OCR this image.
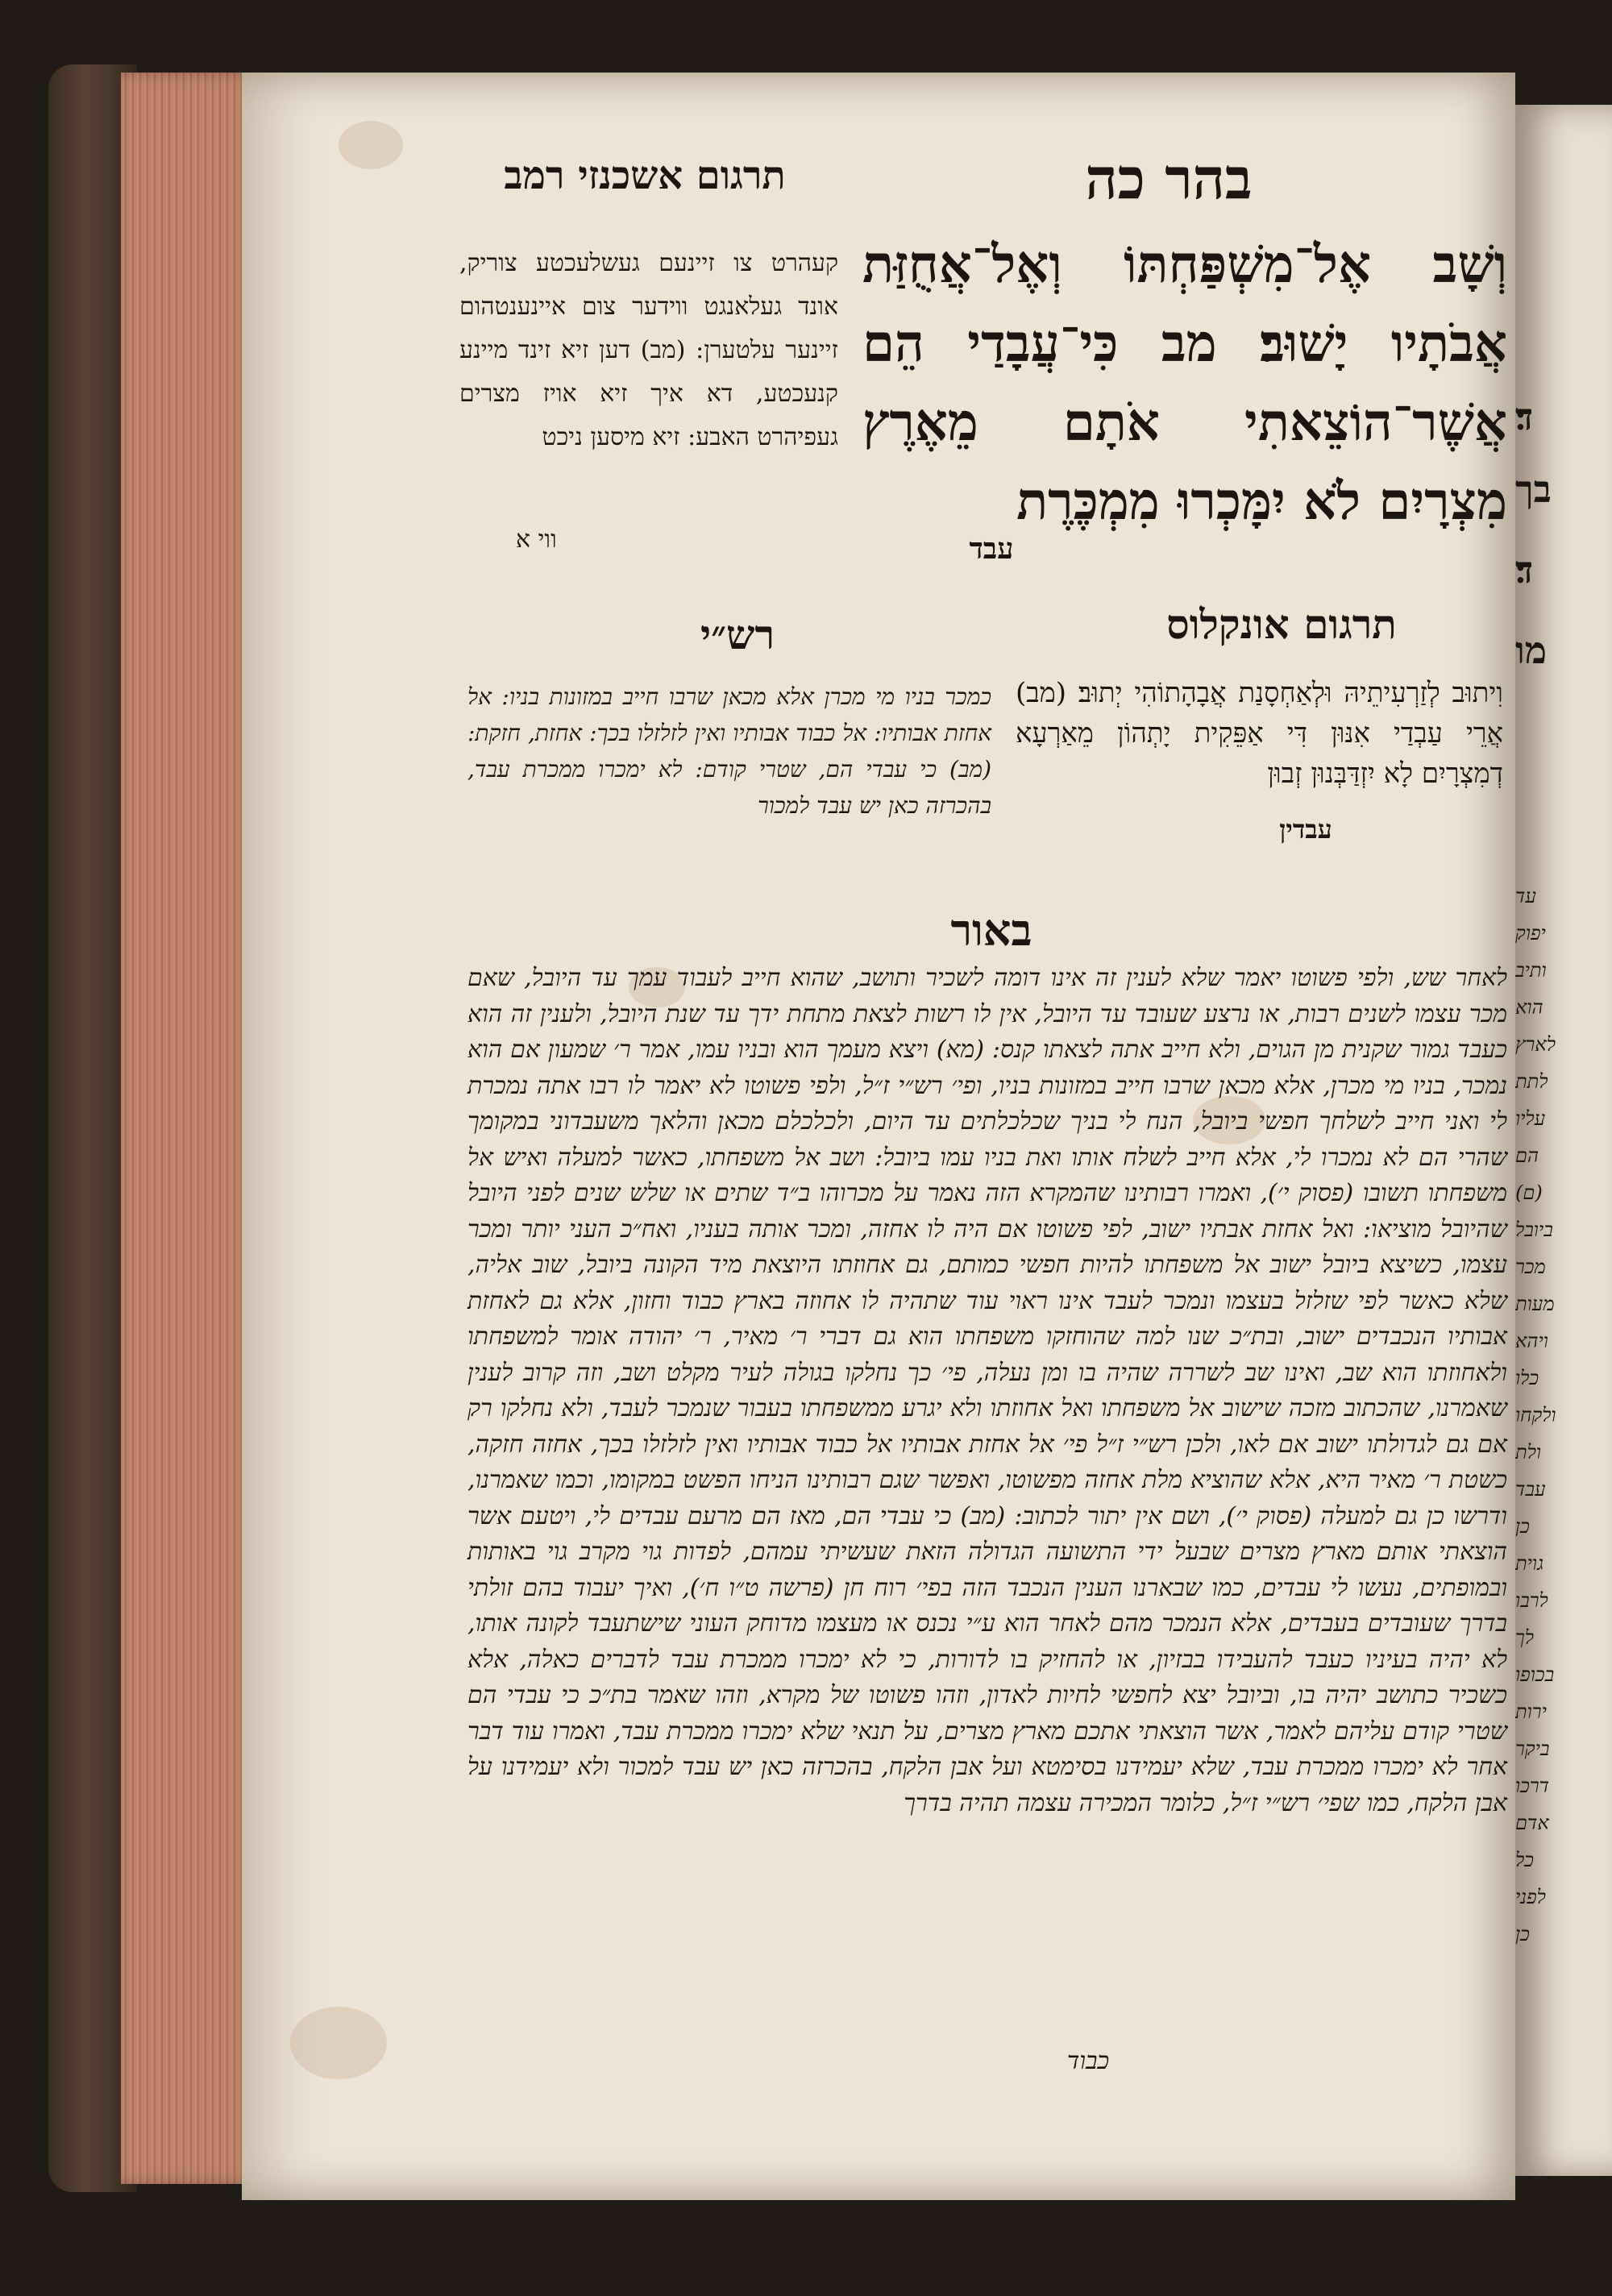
ד׃
בך
ד׃
מו
עד
יפוק
ותיב
הוא
לארץ
לתת
עליו
הם
(ם)
ביובל
מכר
מעות
ויהא
כלו
ולקחו
ולת
עבד
כן
גוית
לרבו
לך
בכופו
ירות
ביקר
דרכו
אדם
כל
לפני
כן
בהר כה
תרגום אשכנזי רמב
וְשָׁב אֶל־מִשְׁפַּחְתּוֹ וְאֶל־אֲחֻזַּת אֲבֹתָיו יָשׁוּב׃ מב כִּי־עֲבָדַי הֵם אֲשֶׁר־הוֹצֵאתִי אֹתָם מֵאֶרֶץ מִצְרָיִם לֹא יִמָּכְרוּ מִמְכֶּרֶת
עבד
קעהרט צו זיינעם געשלעכטע צוריק, אונד געלאנגט ווידער צום איינענטהום זיינער עלטערן: (מב) דען זיא זינד מיינע קנעכטע, דא איך זיא אויז מצרים געפיהרט האבע: זיא מיסען ניכט
ווי א
תרגום אונקלוס
רש״י
וִיתוּב לְזַרְעִיתֵיהּ וּלְאַחְסָנַת אֲבָהָתוֹהִי יְתוּב׃ (מב) אֲרֵי עַבְדַי אִנּוּן דִּי אַפֵּקִית יָתְהוֹן מֵאַרְעָא דְמִצְרָיִם לָא יִזְדַּבְּנוּן זְבוּן
עבדין
כמכר בניו מי מכרן אלא מכאן שרבו חייב במזונות בניו: אל אחזת אבותיו: אל כבוד אבותיו ואין לזלזלו בכך: אחזת, חזקת: (מב) כי עבדי הם, שטרי קודם: לא ימכרו ממכרת עבד, בהכרזה כאן יש עבד למכור
באור
לאחר שש, ולפי פשוטו יאמר שלא לענין זה אינו דומה לשכיר ותושב, שהוא חייב לעבוד עמך עד היובל, שאם מכר עצמו לשנים רבות, או נרצע שעובד עד היובל, אין לו רשות לצאת מתחת ידך עד שנת היובל, ולענין זה הוא כעבד גמור שקנית מן הגוים, ולא חייב אתה לצאתו קנס: (מא) ויצא מעמך הוא ובניו עמו, אמר ר׳ שמעון אם הוא נמכר, בניו מי מכרן, אלא מכאן שרבו חייב במזונות בניו, ופי׳ רש״י ז״ל, ולפי פשוטו לא יאמר לו רבו אתה נמכרת לי ואני חייב לשלחך חפשי ביובל, הנח לי בניך שכלכלתים עד היום, ולכלכלם מכאן והלאך משעבדוני במקומך שהרי הם לא נמכרו לי, אלא חייב לשלח אותו ואת בניו עמו ביובל: ושב אל משפחתו, כאשר למעלה ואיש אל משפחתו תשובו (פסוק י׳), ואמרו רבותינו שהמקרא הזה נאמר על מכרוהו ב״ד שתים או שלש שנים לפני היובל שהיובל מוציאו: ואל אחזת אבתיו ישוב, לפי פשוטו אם היה לו אחזה, ומכר אותה בעניו, ואח״כ העני יותר ומכר עצמו, כשיצא ביובל ישוב אל משפחתו להיות חפשי כמותם, גם אחוזתו היוצאת מיד הקונה ביובל, שוב אליה, שלא כאשר לפי שזלזל בעצמו ונמכר לעבד אינו ראוי עוד שתהיה לו אחוזה בארץ כבוד וחזון, אלא גם לאחזת אבותיו הנכבדים ישוב, ובת״כ שנו למה שהוחזקו משפחתו הוא גם דברי ר׳ מאיר, ר׳ יהודה אומר למשפחתו ולאחוזתו הוא שב, ואינו שב לשררה שהיה בו ומן נעלה, פי׳ כך נחלקו בגולה לעיר מקלט ושב, וזה קרוב לענין שאמרנו, שהכתוב מזכה שישוב אל משפחתו ואל אחוזתו ולא יגרע ממשפחתו בעבור שנמכר לעבד, ולא נחלקו רק אם גם לגדולתו ישוב אם לאו, ולכן רש״י ז״ל פי׳ אל אחזת אבותיו אל כבוד אבותיו ואין לזלזלו בכך, אחזה חזקה, כשטת ר׳ מאיר היא, אלא שהוציא מלת אחזה מפשוטו, ואפשר שגם רבותינו הניחו הפשט במקומו, וכמו שאמרנו, ודרשו כן גם למעלה (פסוק י׳), ושם אין יתור לכתוב: (מב) כי עבדי הם, מאז הם מרעם עבדים לי, ויטעם אשר הוצאתי אותם מארץ מצרים שבעל ידי התשועה הגדולה הזאת שעשיתי עמהם, לפדות גוי מקרב גוי באותות ובמופתים, נעשו לי עבדים, כמו שבארנו הענין הנכבד הזה בפי׳ רוח חן (פרשה ט״ו ח׳), ואיך יעבוד בהם זולתי בדרך שעובדים בעבדים, אלא הנמכר מהם לאחר הוא ע״י נכנס או מעצמו מדוחק העוני שישתעבד לקונה אותו, לא יהיה בעיניו כעבד להעבידו בבזיון, או להחזיק בו לדורות, כי לא ימכרו ממכרת עבד לדברים כאלה, אלא כשכיר כתושב יהיה בו, וביובל יצא לחפשי לחיות לאדון, וזהו פשוטו של מקרא, וזהו שאמר בת״כ כי עבדי הם שטרי קודם עליהם לאמר, אשר הוצאתי אתכם מארץ מצרים, על תנאי שלא ימכרו ממכרת עבד, ואמרו עוד דבר אחר לא ימכרו ממכרת עבד, שלא יעמידנו בסימטא ועל אבן הלקח, בהכרזה כאן יש עבד למכור ולא יעמידנו על אבן הלקח, כמו שפי׳ רש״י ז״ל, כלומר המכירה עצמה תהיה בדרך
כבוד
